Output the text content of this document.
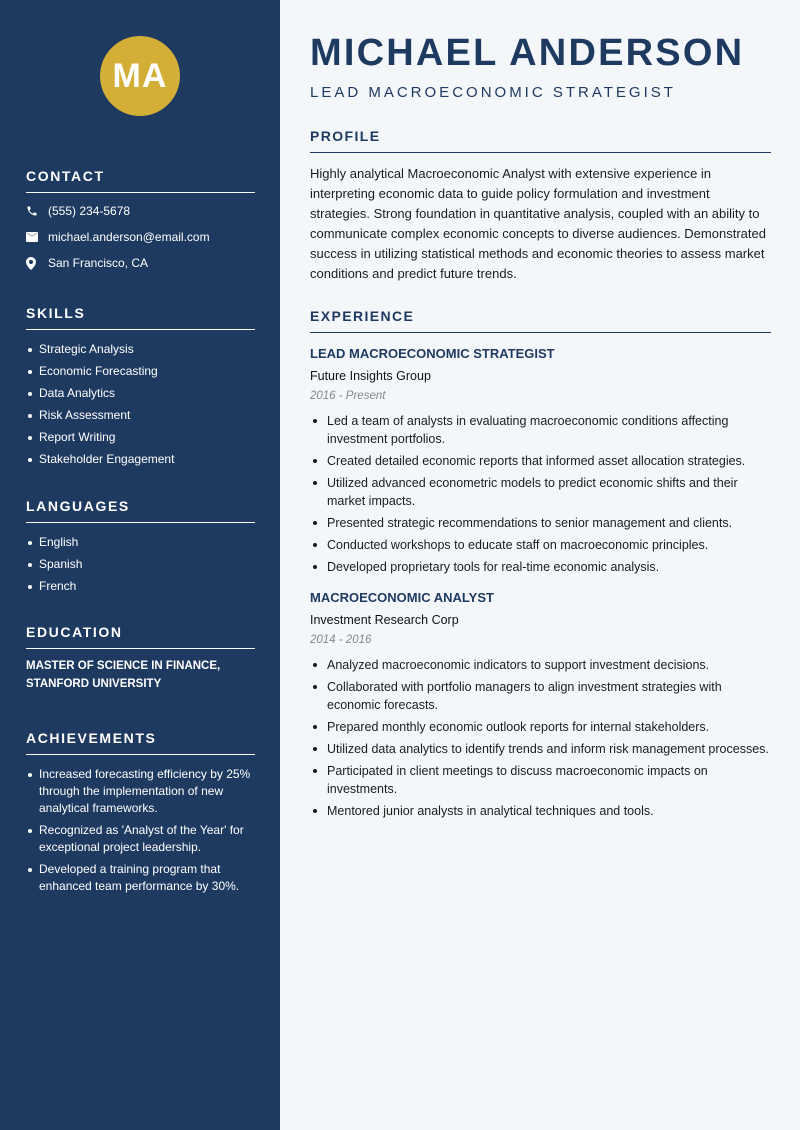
MA
CONTACT
(555) 234-5678
michael.anderson@email.com
San Francisco, CA
SKILLS
Strategic Analysis
Economic Forecasting
Data Analytics
Risk Assessment
Report Writing
Stakeholder Engagement
LANGUAGES
English
Spanish
French
EDUCATION
MASTER OF SCIENCE IN FINANCE, STANFORD UNIVERSITY
ACHIEVEMENTS
Increased forecasting efficiency by 25% through the implementation of new analytical frameworks.
Recognized as 'Analyst of the Year' for exceptional project leadership.
Developed a training program that enhanced team performance by 30%.
MICHAEL ANDERSON
LEAD MACROECONOMIC STRATEGIST
PROFILE
Highly analytical Macroeconomic Analyst with extensive experience in interpreting economic data to guide policy formulation and investment strategies. Strong foundation in quantitative analysis, coupled with an ability to communicate complex economic concepts to diverse audiences. Demonstrated success in utilizing statistical methods and economic theories to assess market conditions and predict future trends.
EXPERIENCE
LEAD MACROECONOMIC STRATEGIST
Future Insights Group
2016 - Present
Led a team of analysts in evaluating macroeconomic conditions affecting investment portfolios.
Created detailed economic reports that informed asset allocation strategies.
Utilized advanced econometric models to predict economic shifts and their market impacts.
Presented strategic recommendations to senior management and clients.
Conducted workshops to educate staff on macroeconomic principles.
Developed proprietary tools for real-time economic analysis.
MACROECONOMIC ANALYST
Investment Research Corp
2014 - 2016
Analyzed macroeconomic indicators to support investment decisions.
Collaborated with portfolio managers to align investment strategies with economic forecasts.
Prepared monthly economic outlook reports for internal stakeholders.
Utilized data analytics to identify trends and inform risk management processes.
Participated in client meetings to discuss macroeconomic impacts on investments.
Mentored junior analysts in analytical techniques and tools.
